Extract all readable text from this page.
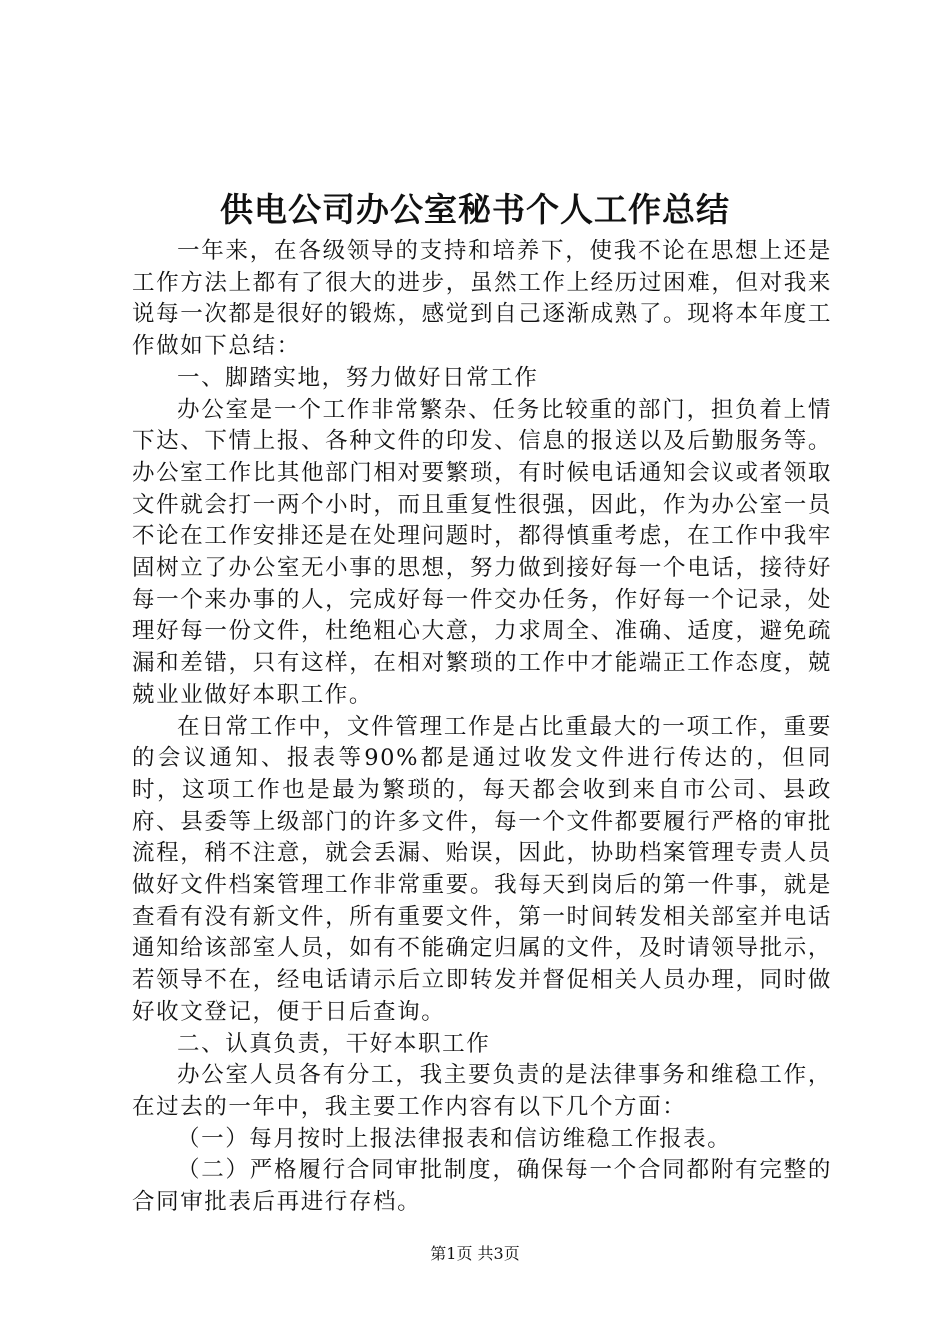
供电公司办公室秘书个人工作总结

一年来，在各级领导的支持和培养下，使我不论在思想上还是工作方法上都有了很大的进步，虽然工作上经历过困难，但对我来说每一次都是很好的锻炼，感觉到自己逐渐成熟了。现将本年度工作做如下总结：

一、脚踏实地，努力做好日常工作

办公室是一个工作非常繁杂、任务比较重的部门，担负着上情下达、下情上报、各种文件的印发、信息的报送以及后勤服务等。办公室工作比其他部门相对要繁琐，有时候电话通知会议或者领取文件就会打一两个小时，而且重复性很强，因此，作为办公室一员不论在工作安排还是在处理问题时，都得慎重考虑，在工作中我牢固树立了办公室无小事的思想，努力做到接好每一个电话，接待好每一个来办事的人，完成好每一件交办任务，作好每一个记录，处理好每一份文件，杜绝粗心大意，力求周全、准确、适度，避免疏漏和差错，只有这样，在相对繁琐的工作中才能端正工作态度，兢兢业业做好本职工作。

在日常工作中，文件管理工作是占比重最大的一项工作，重要的会议通知、报表等90%都是通过收发文件进行传达的，但同时，这项工作也是最为繁琐的，每天都会收到来自市公司、县政府、县委等上级部门的许多文件，每一个文件都要履行严格的审批流程，稍不注意，就会丢漏、贻误，因此，协助档案管理专责人员做好文件档案管理工作非常重要。我每天到岗后的第一件事，就是查看有没有新文件，所有重要文件，第一时间转发相关部室并电话通知给该部室人员，如有不能确定归属的文件，及时请领导批示，若领导不在，经电话请示后立即转发并督促相关人员办理，同时做好收文登记，便于日后查询。

二、认真负责，干好本职工作

办公室人员各有分工，我主要负责的是法律事务和维稳工作，在过去的一年中，我主要工作内容有以下几个方面：

（一）每月按时上报法律报表和信访维稳工作报表。

（二）严格履行合同审批制度，确保每一个合同都附有完整的合同审批表后再进行存档。

第1页 共3页
